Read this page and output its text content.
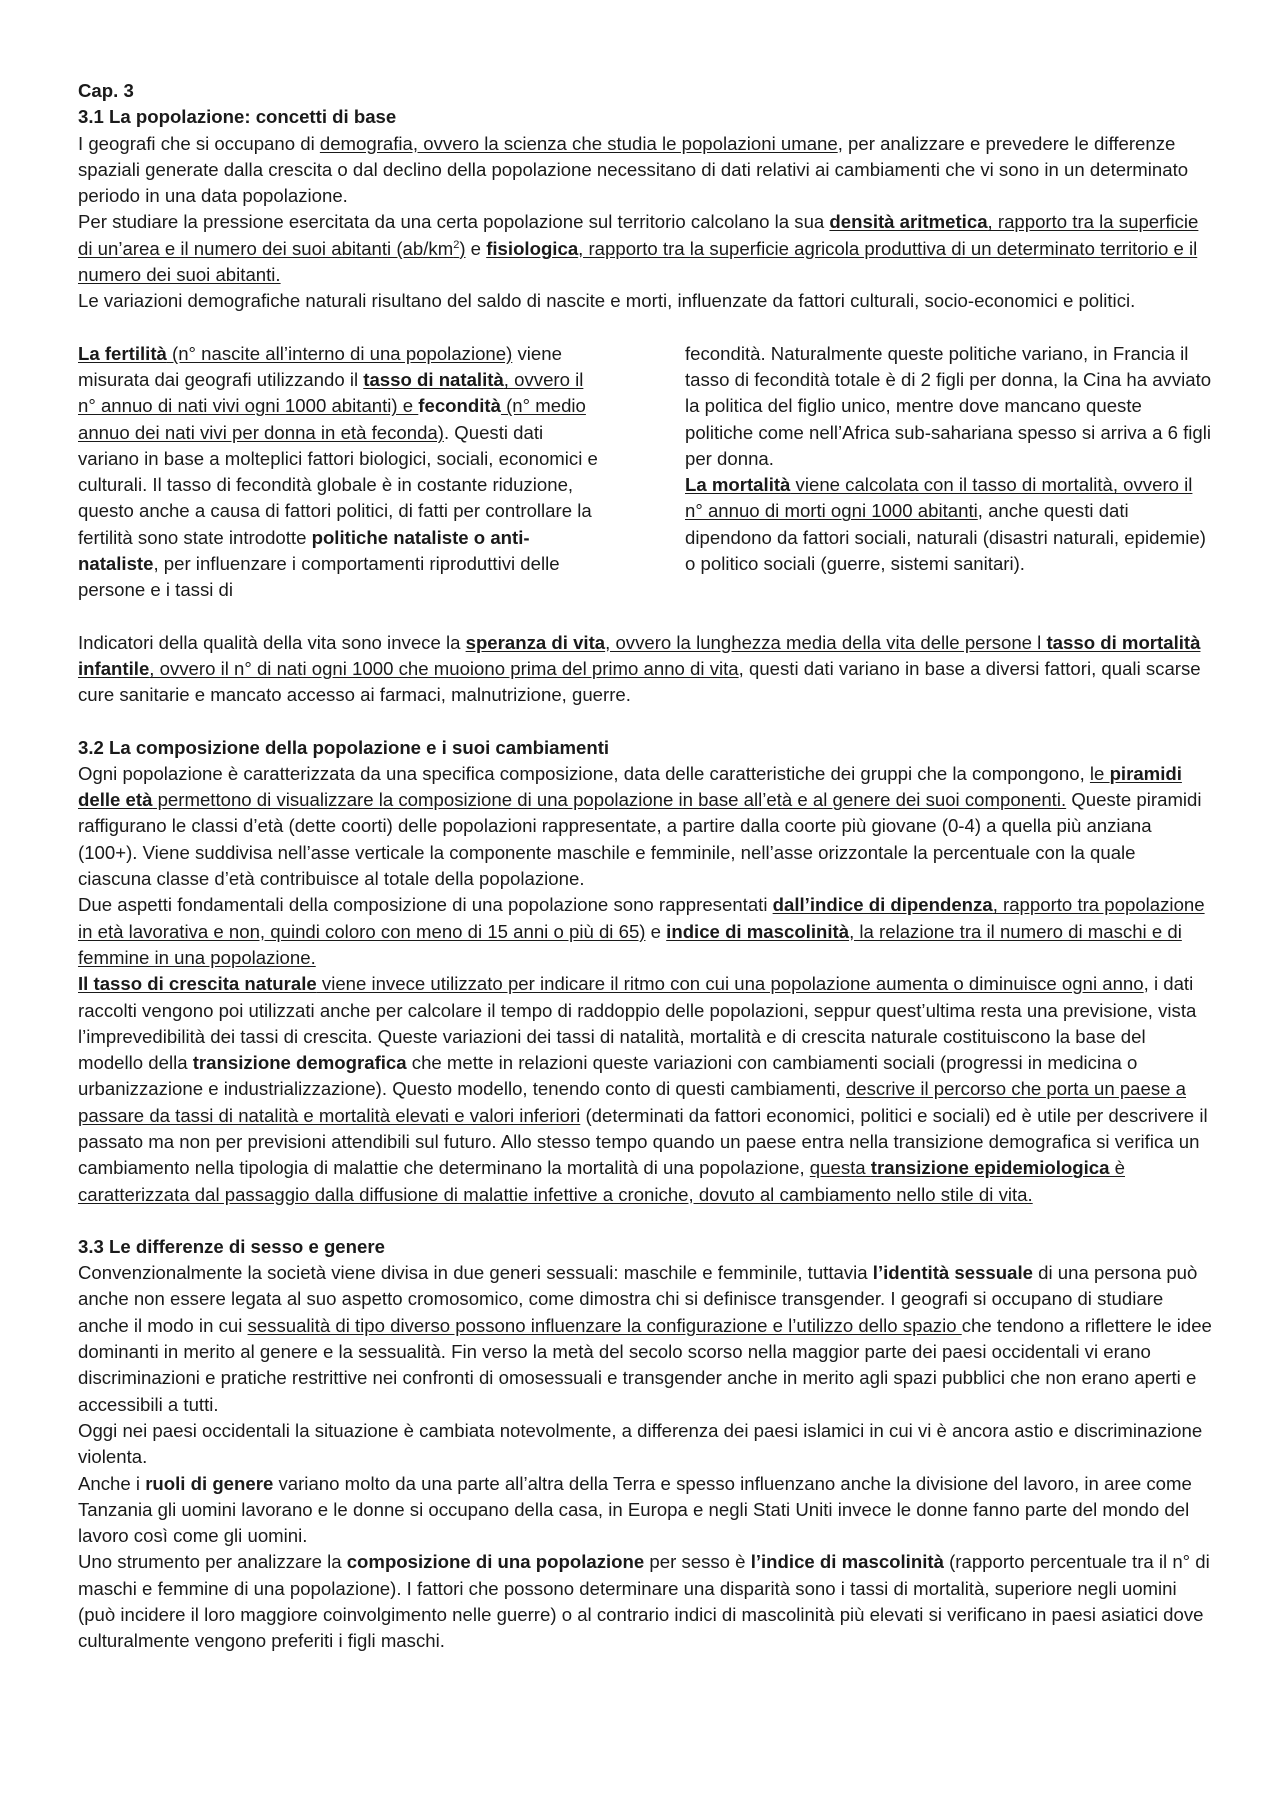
Cap. 3

3.1 La popolazione: concetti di base

I geografi che si occupano di demografia, ovvero la scienza che studia le popolazioni umane, per analizzare e prevedere le differenze spaziali generate dalla crescita o dal declino della popolazione necessitano di dati relativi ai cambiamenti che vi sono in un determinato periodo in una data popolazione.

Per studiare la pressione esercitata da una certa popolazione sul territorio calcolano la sua densità aritmetica, rapporto tra la superficie di un’area e il numero dei suoi abitanti $(ab/km^2)$ e fisiologica, rapporto tra la superficie agricola produttiva di un determinato territorio e il numero dei suoi abitanti.

Le variazioni demografiche naturali risultano del saldo di nascite e morti, influenzate da fattori culturali, socio-economici e politici.

La fertilità (n° nascite all’interno di una popolazione) viene misurata dai geografi utilizzando il tasso di natalità, ovvero il n° annuo di nati vivi ogni 1000 abitanti) e fecondità (n° medio annuo dei nati vivi per donna in età feconda). Questi dati variano in base a molteplici fattori biologici, sociali, economici e culturali. Il tasso di fecondità globale è in costante riduzione, questo anche a causa di fattori politici, di fatti per controllare la fertilità sono state introdotte politiche nataliste o anti-nataliste, per influenzare i comportamenti riproduttivi delle persone e i tassi di

fecondità. Naturalmente queste politiche variano, in Francia il tasso di fecondità totale è di 2 figli per donna, la Cina ha avviato la politica del figlio unico, mentre dove mancano queste politiche come nell’Africa sub-sahariana spesso si arriva a 6 figli per donna.

La mortalità viene calcolata con il tasso di mortalità, ovvero il n° annuo di morti ogni 1000 abitanti, anche questi dati dipendono da fattori sociali, naturali (disastri naturali, epidemie) o politico sociali (guerre, sistemi sanitari).

Indicatori della qualità della vita sono invece la speranza di vita, ovvero la lunghezza media della vita delle persone l tasso di mortalità infantile, ovvero il n° di nati ogni 1000 che muoiono prima del primo anno di vita, questi dati variano in base a diversi fattori, quali scarse cure sanitarie e mancato accesso ai farmaci, malnutrizione, guerre.

3.2 La composizione della popolazione e i suoi cambiamenti

Ogni popolazione è caratterizzata da una specifica composizione, data delle caratteristiche dei gruppi che la compongono, le piramidi delle età permettono di visualizzare la composizione di una popolazione in base all’età e al genere dei suoi componenti. Queste piramidi raffigurano le classi d’età (dette coorti) delle popolazioni rappresentate, a partire dalla coorte più giovane (0-4) a quella più anziana (100+). Viene suddivisa nell’asse verticale la componente maschile e femminile, nell’asse orizzontale la percentuale con la quale ciascuna classe d’età contribuisce al totale della popolazione.

Due aspetti fondamentali della composizione di una popolazione sono rappresentati dall’indice di dipendenza, rapporto tra popolazione in età lavorativa e non, quindi coloro con meno di 15 anni o più di 65) e indice di mascolinità, la relazione tra il numero di maschi e di femmine in una popolazione.

Il tasso di crescita naturale viene invece utilizzato per indicare il ritmo con cui una popolazione aumenta o diminuisce ogni anno, i dati raccolti vengono poi utilizzati anche per calcolare il tempo di raddoppio delle popolazioni, seppur quest’ultima resta una previsione, vista l’imprevedibilità dei tassi di crescita. Queste variazioni dei tassi di natalità, mortalità e di crescita naturale costituiscono la base del modello della transizione demografica che mette in relazioni queste variazioni con cambiamenti sociali (progressi in medicina o urbanizzazione e industrializzazione). Questo modello, tenendo conto di questi cambiamenti, descrive il percorso che porta un paese a passare da tassi di natalità e mortalità elevati e valori inferiori (determinati da fattori economici, politici e sociali) ed è utile per descrivere il passato ma non per previsioni attendibili sul futuro. Allo stesso tempo quando un paese entra nella transizione demografica si verifica un cambiamento nella tipologia di malattie che determinano la mortalità di una popolazione, questa transizione epidemiologica è caratterizzata dal passaggio dalla diffusione di malattie infettive a croniche, dovuto al cambiamento nello stile di vita.

3.3 Le differenze di sesso e genere

Convenzionalmente la società viene divisa in due generi sessuali: maschile e femminile, tuttavia l’identità sessuale di una persona può anche non essere legata al suo aspetto cromosomico, come dimostra chi si definisce transgender. I geografi si occupano di studiare anche il modo in cui sessualità di tipo diverso possono influenzare la configurazione e l’utilizzo dello spazio che tendono a riflettere le idee dominanti in merito al genere e la sessualità. Fin verso la metà del secolo scorso nella maggior parte dei paesi occidentali vi erano discriminazioni e pratiche restrittive nei confronti di omosessuali e transgender anche in merito agli spazi pubblici che non erano aperti e accessibili a tutti.

Oggi nei paesi occidentali la situazione è cambiata notevolmente, a differenza dei paesi islamici in cui vi è ancora astio e discriminazione violenta.

Anche i ruoli di genere variano molto da una parte all’altra della Terra e spesso influenzano anche la divisione del lavoro, in aree come Tanzania gli uomini lavorano e le donne si occupano della casa, in Europa e negli Stati Uniti invece le donne fanno parte del mondo del lavoro così come gli uomini.

Uno strumento per analizzare la composizione di una popolazione per sesso è l’indice di mascolinità (rapporto percentuale tra il n° di maschi e femmine di una popolazione). I fattori che possono determinare una disparità sono i tassi di mortalità, superiore negli uomini (può incidere il loro maggiore coinvolgimento nelle guerre) o al contrario indici di mascolinità più elevati si verificano in paesi asiatici dove culturalmente vengono preferiti i figli maschi.
